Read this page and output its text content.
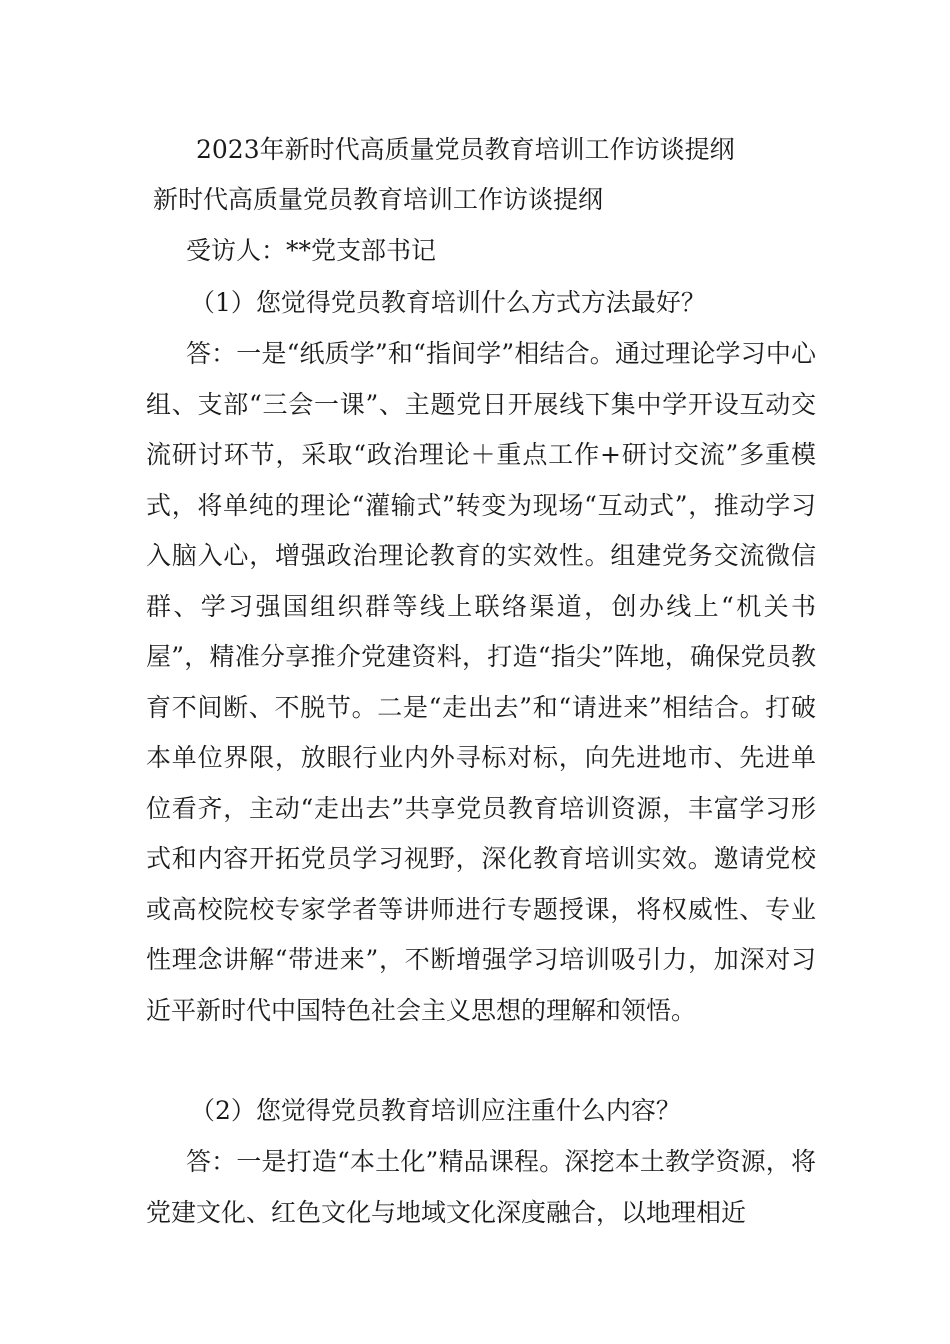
2023年新时代高质量党员教育培训工作访谈提纲
新时代高质量党员教育培训工作访谈提纲

受访人：**党支部书记

（1）您觉得党员教育培训什么方式方法最好？

答：一是“纸质学”和“指间学”相结合。通过理论学习中心组、支部“三会一课”、主题党日开展线下集中学开设互动交流研讨环节，采取“政治理论＋重点工作+研讨交流”多重模式，将单纯的理论“灌输式”转变为现场“互动式”，推动学习入脑入心，增强政治理论教育的实效性。组建党务交流微信群、学习强国组织群等线上联络渠道，创办线上“机关书屋”，精准分享推介党建资料，打造“指尖”阵地，确保党员教育不间断、不脱节。二是“走出去”和“请进来”相结合。打破本单位界限，放眼行业内外寻标对标，向先进地市、先进单位看齐，主动“走出去”共享党员教育培训资源，丰富学习形式和内容开拓党员学习视野，深化教育培训实效。邀请党校或高校院校专家学者等讲师进行专题授课，将权威性、专业性理念讲解“带进来”，不断增强学习培训吸引力，加深对习近平新时代中国特色社会主义思想的理解和领悟。

（2）您觉得党员教育培训应注重什么内容？

答：一是打造“本土化”精品课程。深挖本土教学资源，将党建文化、红色文化与地域文化深度融合，以地理相近
